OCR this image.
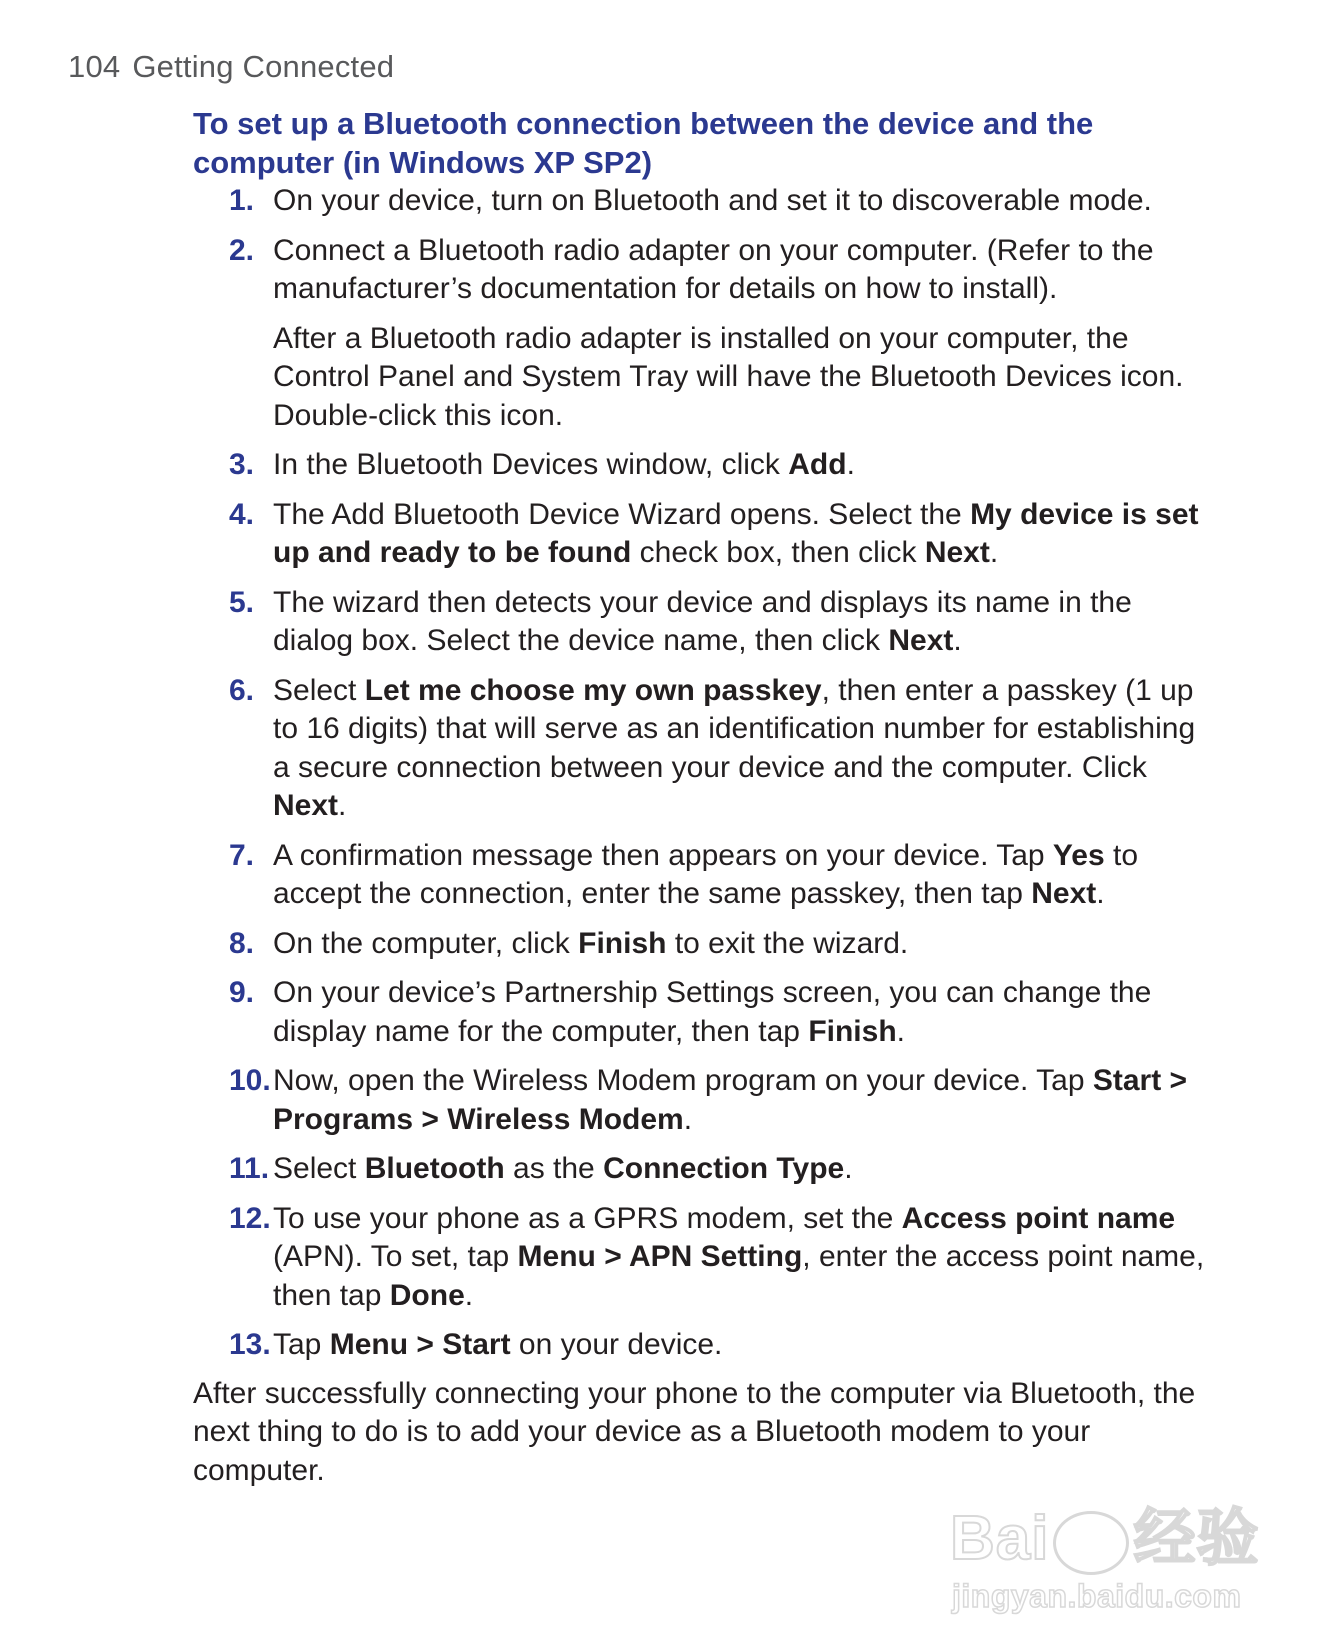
104 Getting Connected
To set up a Bluetooth connection between the device and the computer (in Windows XP SP2)
1. On your device, turn on Bluetooth and set it to discoverable mode.
2. Connect a Bluetooth radio adapter on your computer. (Refer to the manufacturer’s documentation for details on how to install).

After a Bluetooth radio adapter is installed on your computer, the Control Panel and System Tray will have the Bluetooth Devices icon. Double-click this icon.

3. In the Bluetooth Devices window, click Add.
4. The Add Bluetooth Device Wizard opens. Select the My device is set up and ready to be found check box, then click Next.
5. The wizard then detects your device and displays its name in the dialog box. Select the device name, then click Next.
6. Select Let me choose my own passkey, then enter a passkey (1 up to 16 digits) that will serve as an identification number for establishing a secure connection between your device and the computer. Click Next.
7. A confirmation message then appears on your device. Tap Yes to accept the connection, enter the same passkey, then tap Next.
8. On the computer, click Finish to exit the wizard.
9. On your device’s Partnership Settings screen, you can change the display name for the computer, then tap Finish.
10. Now, open the Wireless Modem program on your device. Tap Start > Programs > Wireless Modem.
11. Select Bluetooth as the Connection Type.
12. To use your phone as a GPRS modem, set the Access point name (APN). To set, tap Menu > APN Setting, enter the access point name, then tap Done.
13. Tap Menu > Start on your device.

After successfully connecting your phone to the computer via Bluetooth, the next thing to do is to add your device as a Bluetooth modem to your computer.

Bai 经验
jingyan.baidu.com
